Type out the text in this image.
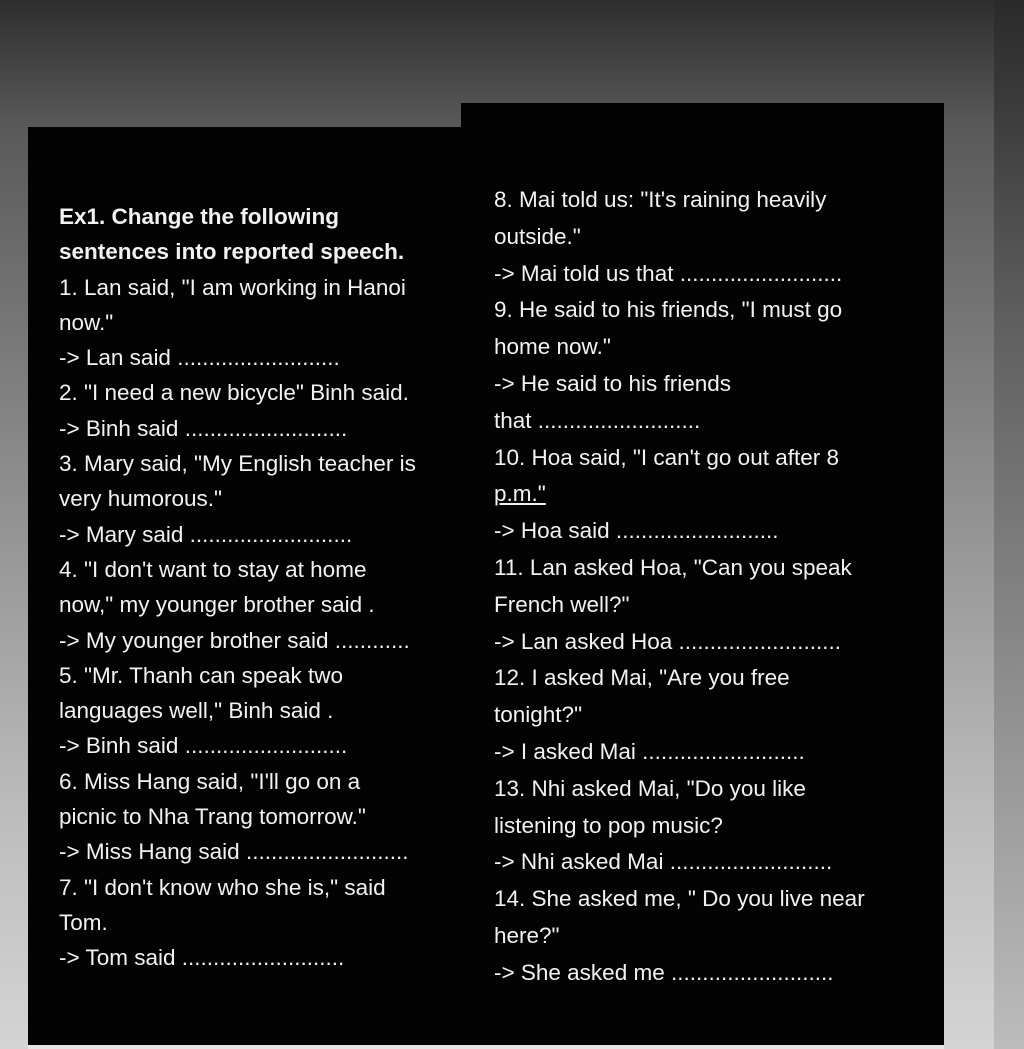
Ex1. Change the following
sentences into reported speech.
1. Lan said, "I am working in Hanoi
now."
-> Lan said ..........................
2. "I need a new bicycle" Binh said.
-> Binh said ..........................
3. Mary said, "My English teacher is
very humorous."
-> Mary said ..........................
4. "I don't want to stay at home
now," my younger brother said .
-> My younger brother said ............
5. "Mr. Thanh can speak two
languages well," Binh said .
-> Binh said ..........................
6. Miss Hang said, "I'll go on a
picnic to Nha Trang tomorrow."
-> Miss Hang said ..........................
7. "I don't know who she is," said
Tom.
-> Tom said ..........................
8. Mai told us: "It's raining heavily
outside."
-> Mai told us that ..........................
9. He said to his friends, "I must go
home now."
-> He said to his friends
that ..........................
10. Hoa said, "I can't go out after 8
p.m."
-> Hoa said ..........................
11. Lan asked Hoa, "Can you speak
French well?"
-> Lan asked Hoa ..........................
12. I asked Mai, "Are you free
tonight?"
-> I asked Mai ..........................
13. Nhi asked Mai, "Do you like
listening to pop music?
-> Nhi asked Mai ..........................
14. She asked me, " Do you live near
here?"
-> She asked me ..........................
